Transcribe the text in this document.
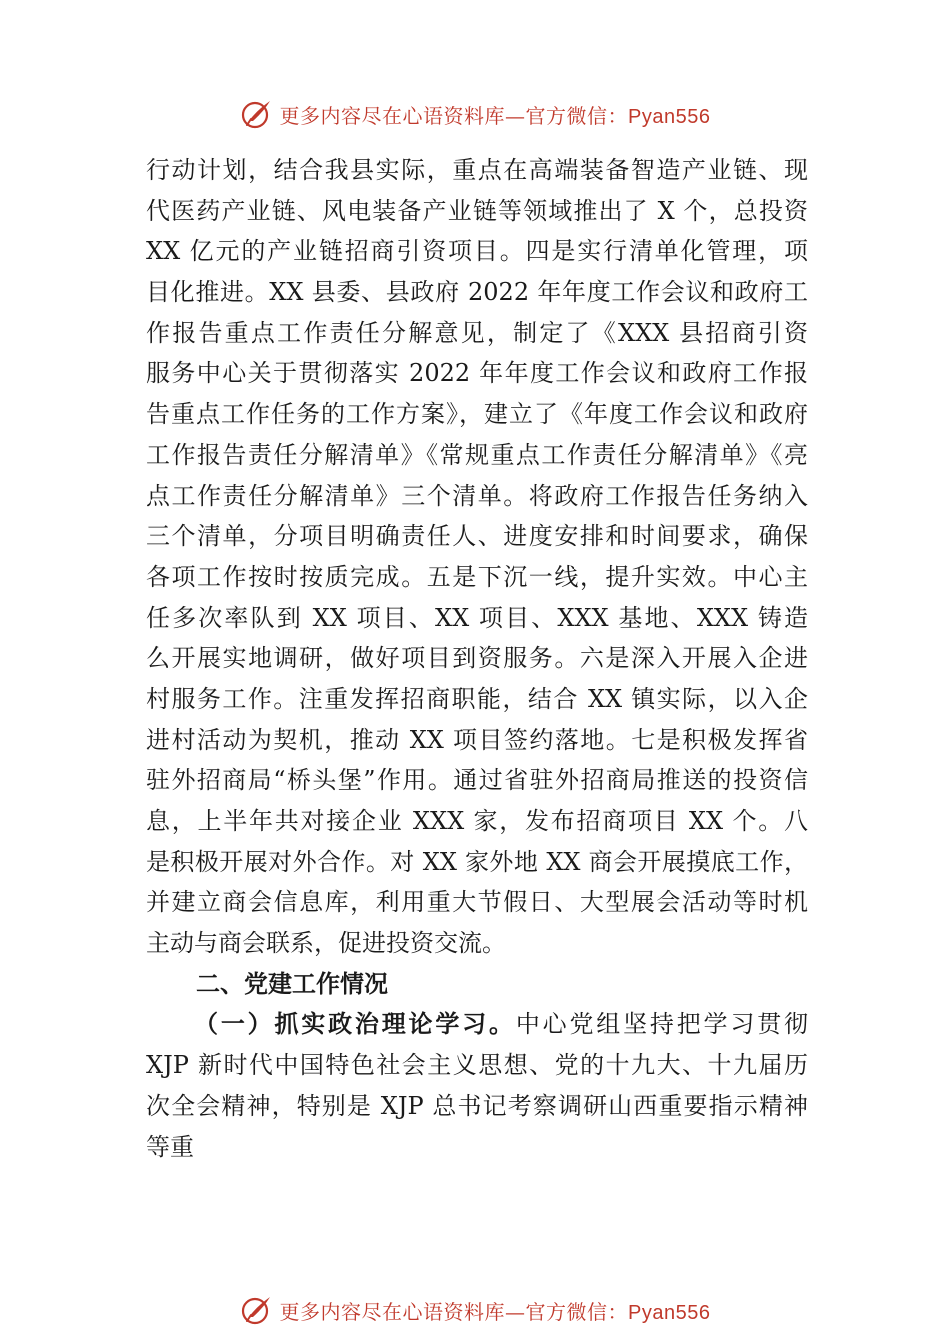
更多内容尽在心语资料库—官方微信：Pyan556
行动计划，结合我县实际，重点在高端装备智造产业链、现
代医药产业链、风电装备产业链等领域推出了 X 个，总投资
XX 亿元的产业链招商引资项目。四是实行清单化管理，项
目化推进。XX 县委、县政府 2022 年年度工作会议和政府工
作报告重点工作责任分解意见，制定了《XXX 县招商引资
服务中心关于贯彻落实 2022 年年度工作会议和政府工作报
告重点工作任务的工作方案》，建立了《年度工作会议和政府
工作报告责任分解清单》《常规重点工作责任分解清单》《亮
点工作责任分解清单》三个清单。将政府工作报告任务纳入
三个清单，分项目明确责任人、进度安排和时间要求，确保
各项工作按时按质完成。五是下沉一线，提升实效。中心主
任多次率队到 XX 项目、XX 项目、XXX 基地、XXX 铸造
么开展实地调研，做好项目到资服务。六是深入开展入企进
村服务工作。注重发挥招商职能，结合 XX 镇实际，以入企
进村活动为契机，推动 XX 项目签约落地。七是积极发挥省
驻外招商局“桥头堡”作用。通过省驻外招商局推送的投资信
息，上半年共对接企业 XXX 家，发布招商项目 XX 个。八
是积极开展对外合作。对 XX 家外地 XX 商会开展摸底工作，
并建立商会信息库，利用重大节假日、大型展会活动等时机
主动与商会联系，促进投资交流。
二、党建工作情况
（一）抓实政治理论学习。中心党组坚持把学习贯彻
XJP 新时代中国特色社会主义思想、党的十九大、十九届历
次全会精神，特别是 XJP 总书记考察调研山西重要指示精神
等重
更多内容尽在心语资料库—官方微信：Pyan556
